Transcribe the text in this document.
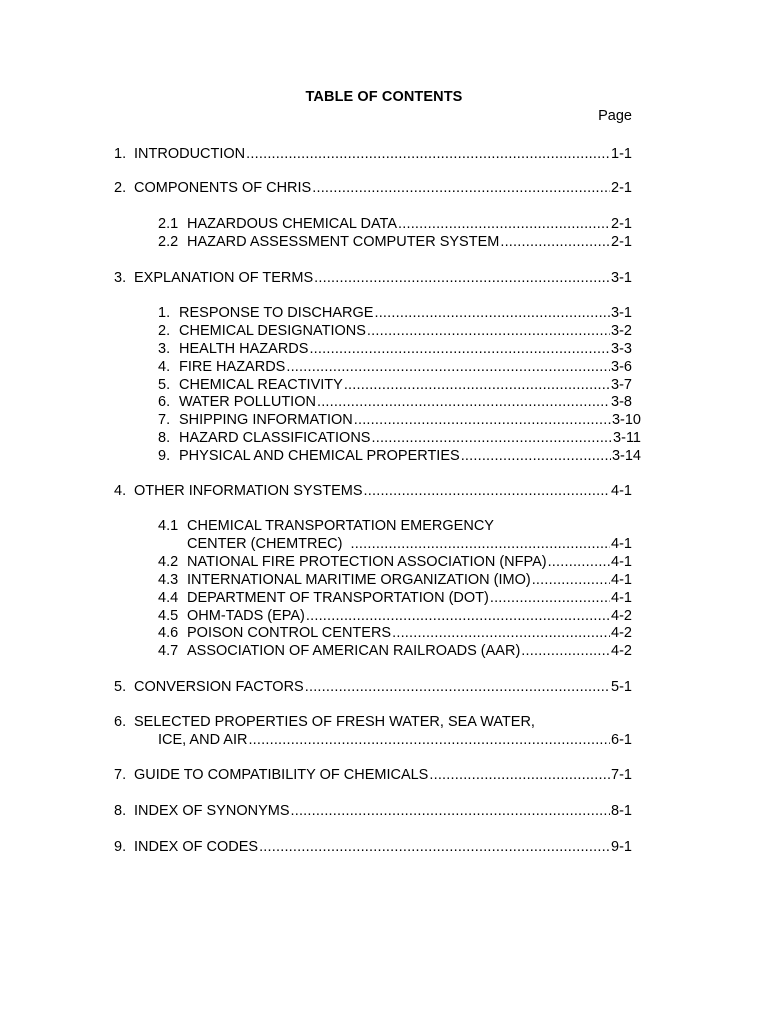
TABLE OF CONTENTS
Page
1. INTRODUCTION .....	1-1
2. COMPONENTS OF CHRIS .....	2-1
2.1 HAZARDOUS CHEMICAL DATA .....	2-1
2.2 HAZARD ASSESSMENT COMPUTER SYSTEM .....	2-1
3. EXPLANATION OF TERMS .....	3-1
1. RESPONSE TO DISCHARGE .....	3-1
2. CHEMICAL DESIGNATIONS .....	3-2
3. HEALTH HAZARDS .....	3-3
4. FIRE HAZARDS .....	3-6
5. CHEMICAL REACTIVITY .....	3-7
6. WATER POLLUTION .....	3-8
7. SHIPPING INFORMATION .....	3-10
8. HAZARD CLASSIFICATIONS .....	3-11
9. PHYSICAL AND CHEMICAL PROPERTIES .....	3-14
4. OTHER INFORMATION SYSTEMS .....	4-1
4.1 CHEMICAL TRANSPORTATION EMERGENCY
CENTER (CHEMTREC) .....	4-1
4.2 NATIONAL FIRE PROTECTION ASSOCIATION (NFPA) .....	4-1
4.3 INTERNATIONAL MARITIME ORGANIZATION (IMO) .....	4-1
4.4 DEPARTMENT OF TRANSPORTATION (DOT) .....	4-1
4.5 OHM-TADS (EPA) .....	4-2
4.6 POISON CONTROL CENTERS .....	4-2
4.7 ASSOCIATION OF AMERICAN RAILROADS (AAR) .....	4-2
5. CONVERSION FACTORS .....	5-1
6. SELECTED PROPERTIES OF FRESH WATER, SEA WATER,
ICE, AND AIR .....	6-1
7. GUIDE TO COMPATIBILITY OF CHEMICALS .....	7-1
8. INDEX OF SYNONYMS .....	8-1
9. INDEX OF CODES .....	9-1
